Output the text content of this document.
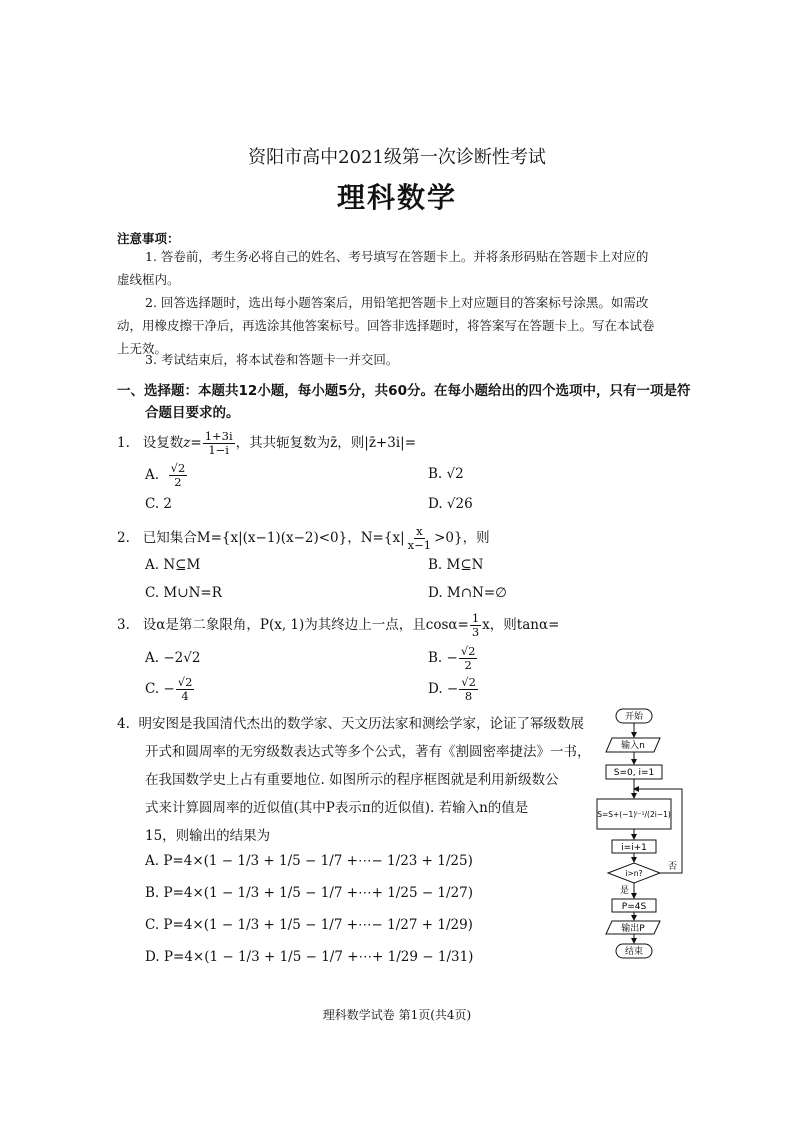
资阳市高中2021级第一次诊断性考试
理科数学
注意事项：
1. 答卷前，考生务必将自己的姓名、考号填写在答题卡上。并将条形码贴在答题卡上对应的
虚线框内。
2. 回答选择题时，选出每小题答案后，用铅笔把答题卡上对应题目的答案标号涂黑。如需改
动，用橡皮擦干净后，再选涂其他答案标号。回答非选择题时，将答案写在答题卡上。写在本试卷
上无效。
3. 考试结束后，将本试卷和答题卡一并交回。
一、选择题：本题共12小题，每小题5分，共60分。在每小题给出的四个选项中，只有一项是符
合题目要求的。
1. 设复数$z= \frac{1+3i}{1-i}$ ，其共轭复数为z̄，则|z̄+3i|=
A. $\frac{√2}{2}$	B. √2
C. 2	D. √26
2. 已知集合M={x|(x−1)(x−2)<0}，$N=\{x| \frac{x}{x-1} >0\}$，则
A. N⊆M	B. M⊆N
C. M∪N=R	D. M∩N=∅
3. 设α是第二象限角，P(x, 1)为其终边上一点，且$\cos\alpha= \frac{1}{3}$ x，则tanα=
A. −2√2	B. − $\frac{√2}{2}$
C. − $\frac{√2}{4}$	D. − $\frac{√2}{8}$
4. 明安图是我国清代杰出的数学家、天文历法家和测绘学家，论证了幂级数展
开式和圆周率的无穷级数表达式等多个公式，著有《割圆密率捷法》一书，
在我国数学史上占有重要地位. 如图所示的程序框图就是利用新级数公
式来计算圆周率的近似值(其中P表示π的近似值). 若输入n的值是
15，则输出的结果为
A. P=4×(1 − 1/3 + 1/5 − 1/7 +⋯− 1/23 + 1/25)
B. P=4×(1 − 1/3 + 1/5 − 1/7 +⋯+ 1/25 − 1/27)
C. P=4×(1 − 1/3 + 1/5 − 1/7 +⋯− 1/27 + 1/29)
D. P=4×(1 − 1/3 + 1/5 − 1/7 +⋯+ 1/29 − 1/31)
开始
输入n
S=0, i=1
S=S+(−1)ⁱ⁻¹/(2i−1)
i=i+1
i>n?
否
是
P=4S
输出P
结束
理科数学试卷 第1页(共4页)
